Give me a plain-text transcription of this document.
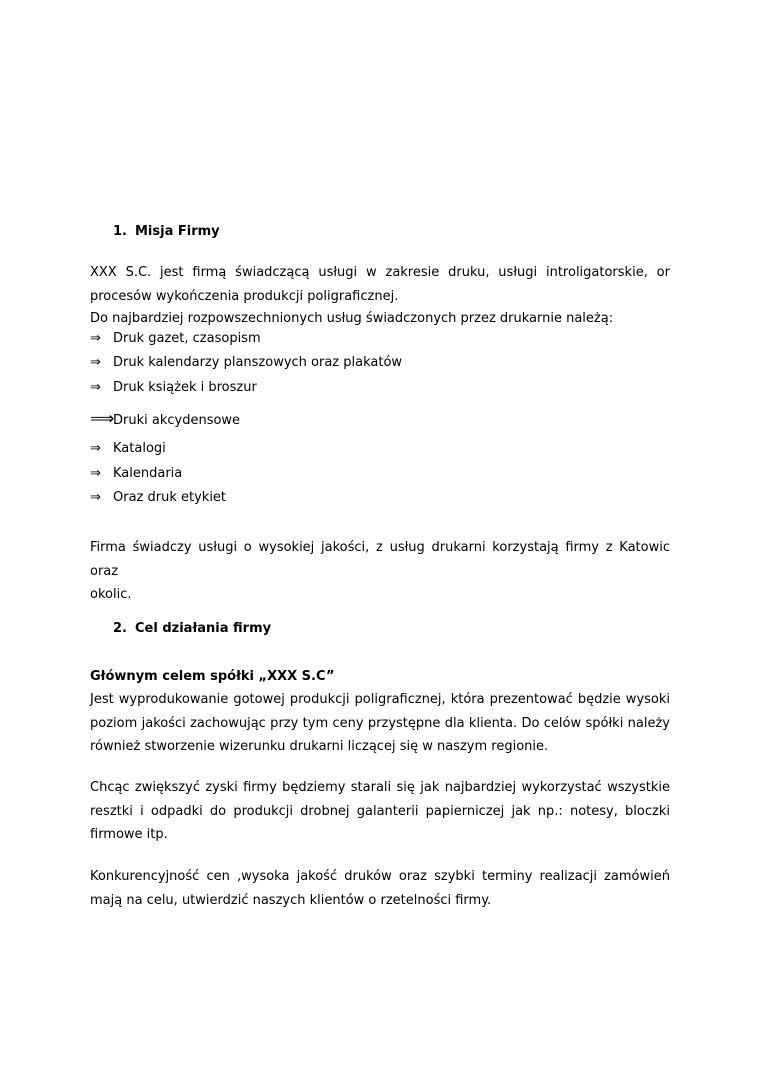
1. Misja Firmy
XXX S.C. jest firmą świadczącą usługi w zakresie druku, usługi introligatorskie, or
procesów wykończenia produkcji poligraficznej.
Do najbardziej rozpowszechnionych usług świadczonych przez drukarnie należą:
⇒ Druk gazet, czasopism
⇒ Druk kalendarzy planszowych oraz plakatów
⇒ Druk książek i broszur
⟹Druki akcydensowe
⇒ Katalogi
⇒ Kalendaria
⇒ Oraz druk etykiet
Firma świadczy usługi o wysokiej jakości, z usług drukarni korzystają firmy z Katowic oraz
okolic.
2. Cel działania firmy
Głównym celem spółki „XXX S.C”
Jest wyprodukowanie gotowej produkcji poligraficznej, która prezentować będzie wysoki
poziom jakości zachowując przy tym ceny przystępne dla klienta. Do celów spółki należy
również stworzenie wizerunku drukarni liczącej się w naszym regionie.
Chcąc zwiększyć zyski firmy będziemy starali się jak najbardziej wykorzystać wszystkie
resztki i odpadki do produkcji drobnej galanterii papierniczej jak np.: notesy, bloczki
firmowe itp.
Konkurencyjność cen ,wysoka jakość druków oraz szybki terminy realizacji zamówień
mają na celu, utwierdzić naszych klientów o rzetelności firmy.
